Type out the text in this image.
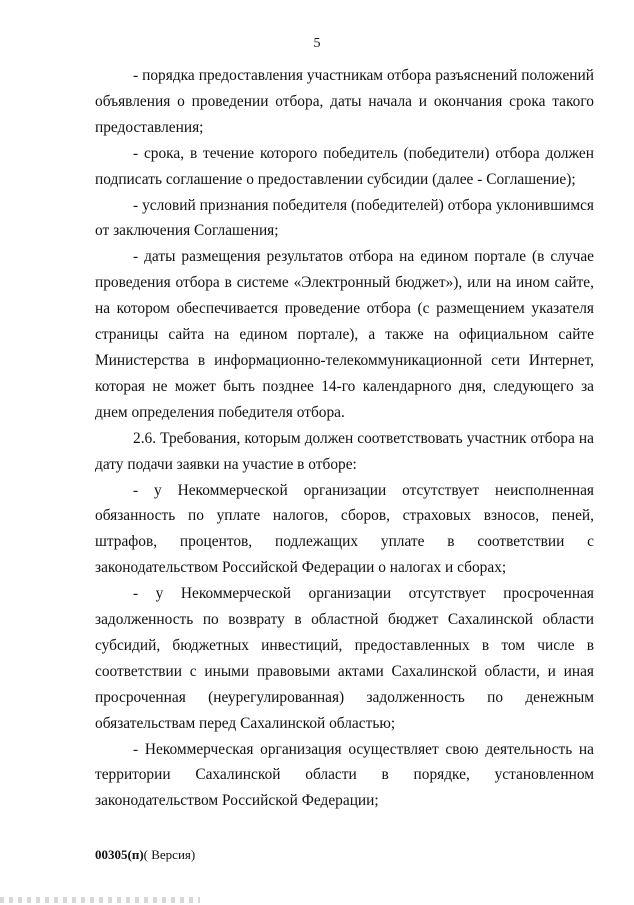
5

- порядка предоставления участникам отбора разъяснений положений объявления о проведении отбора, даты начала и окончания срока такого предоставления;

- срока, в течение которого победитель (победители) отбора должен подписать соглашение о предоставлении субсидии (далее - Соглашение);

- условий признания победителя (победителей) отбора уклонившимся от заключения Соглашения;

- даты размещения результатов отбора на едином портале (в случае проведения отбора в системе «Электронный бюджет»), или на ином сайте, на котором обеспечивается проведение отбора (с размещением указателя страницы сайта на едином портале), а также на официальном сайте Министерства в информационно-телекоммуникационной сети Интернет, которая не может быть позднее 14-го календарного дня, следующего за днем определения победителя отбора.

2.6. Требования, которым должен соответствовать участник отбора на дату подачи заявки на участие в отборе:

- у Некоммерческой организации отсутствует неисполненная обязанность по уплате налогов, сборов, страховых взносов, пеней, штрафов, процентов, подлежащих уплате в соответствии с законодательством Российской Федерации о налогах и сборах;

- у Некоммерческой организации отсутствует просроченная задолженность по возврату в областной бюджет Сахалинской области субсидий, бюджетных инвестиций, предоставленных в том числе в соответствии с иными правовыми актами Сахалинской области, и иная просроченная (неурегулированная) задолженность по денежным обязательствам перед Сахалинской областью;

- Некоммерческая организация осуществляет свою деятельность на территории Сахалинской области в порядке, установленном законодательством Российской Федерации;

00305(п)( Версия)
